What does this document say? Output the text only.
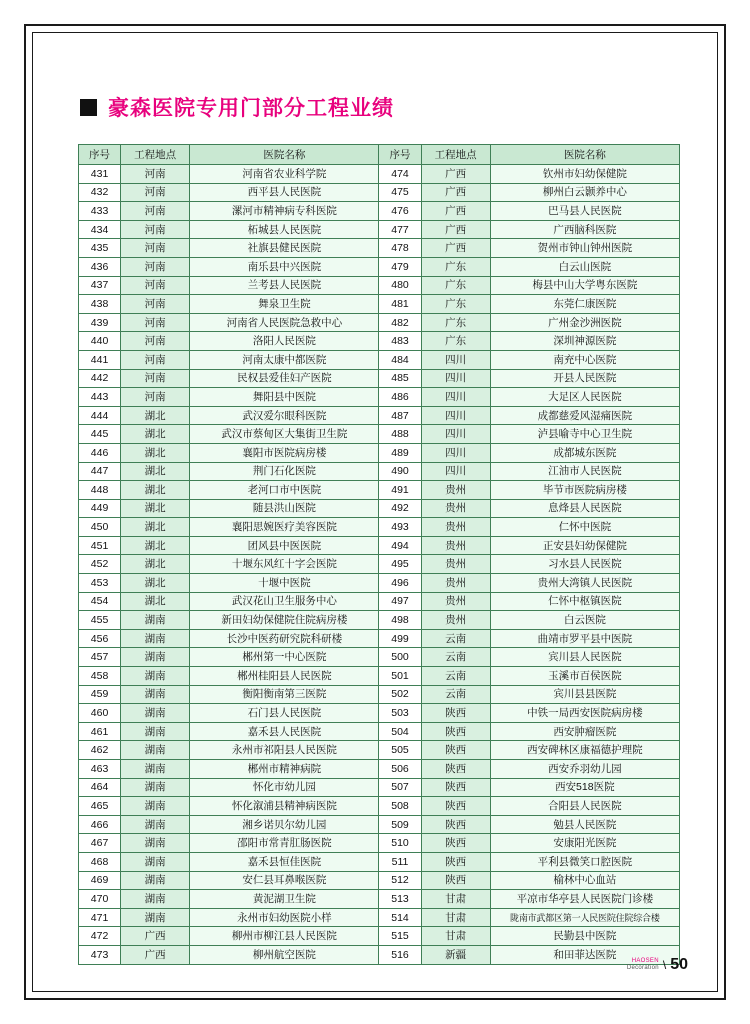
豪森医院专用门部分工程业绩
序号	工程地点	医院名称	序号	工程地点	医院名称
431	河南	河南省农业科学院	474	广西	钦州市妇幼保健院
432	河南	西平县人民医院	475	广西	柳州白云颢养中心
433	河南	漯河市精神病专科医院	476	广西	巴马县人民医院
434	河南	柘城县人民医院	477	广西	广西脑科医院
435	河南	社旗县健民医院	478	广西	贺州市钟山钟州医院
436	河南	南乐县中兴医院	479	广东	白云山医院
437	河南	兰考县人民医院	480	广东	梅县中山大学粤东医院
438	河南	舞泉卫生院	481	广东	东莞仁康医院
439	河南	河南省人民医院急救中心	482	广东	广州金沙洲医院
440	河南	洛阳人民医院	483	广东	深圳神源医院
441	河南	河南太康中都医院	484	四川	南充中心医院
442	河南	民权县爱佳妇产医院	485	四川	开县人民医院
443	河南	舞阳县中医院	486	四川	大足区人民医院
444	湖北	武汉爱尔眼科医院	487	四川	成都慈爱风湿痛医院
445	湖北	武汉市蔡甸区大集街卫生院	488	四川	泸县喻寺中心卫生院
446	湖北	襄阳市医院病房楼	489	四川	成都城东医院
447	湖北	荆门石化医院	490	四川	江油市人民医院
448	湖北	老河口市中医院	491	贵州	毕节市医院病房楼
449	湖北	随县洪山医院	492	贵州	息烽县人民医院
450	湖北	襄阳思婉医疗美容医院	493	贵州	仁怀中医院
451	湖北	团风县中医医院	494	贵州	正安县妇幼保健院
452	湖北	十堰东风红十字会医院	495	贵州	习水县人民医院
453	湖北	十堰中医院	496	贵州	贵州大湾镇人民医院
454	湖北	武汉花山卫生服务中心	497	贵州	仁怀中枢镇医院
455	湖南	新田妇幼保健院住院病房楼	498	贵州	白云医院
456	湖南	长沙中医药研究院科研楼	499	云南	曲靖市罗平县中医院
457	湖南	郴州第一中心医院	500	云南	宾川县人民医院
458	湖南	郴州桂阳县人民医院	501	云南	玉溪市百侯医院
459	湖南	衡阳衡南第三医院	502	云南	宾川县县医院
460	湖南	石门县人民医院	503	陕西	中铁一局西安医院病房楼
461	湖南	嘉禾县人民医院	504	陕西	西安肿瘤医院
462	湖南	永州市祁阳县人民医院	505	陕西	西安碑林区康福德护理院
463	湖南	郴州市精神病院	506	陕西	西安乔羽幼儿园
464	湖南	怀化市幼儿园	507	陕西	西安518医院
465	湖南	怀化溆浦县精神病医院	508	陕西	合阳县人民医院
466	湖南	湘乡诺贝尔幼儿园	509	陕西	勉县人民医院
467	湖南	邵阳市常青肛肠医院	510	陕西	安康阳光医院
468	湖南	嘉禾县恒佳医院	511	陕西	平利县微笑口腔医院
469	湖南	安仁县耳鼻喉医院	512	陕西	榆林中心血站
470	湖南	黄泥湖卫生院	513	甘肃	平凉市华亭县人民医院门诊楼
471	湖南	永州市妇幼医院小样	514	甘肃	陇南市武都区第一人民医院住院综合楼
472	广西	柳州市柳江县人民医院	515	甘肃	民勤县中医院
473	广西	柳州航空医院	516	新疆	和田菲达医院
HAOSEN
Decoration \ 50
